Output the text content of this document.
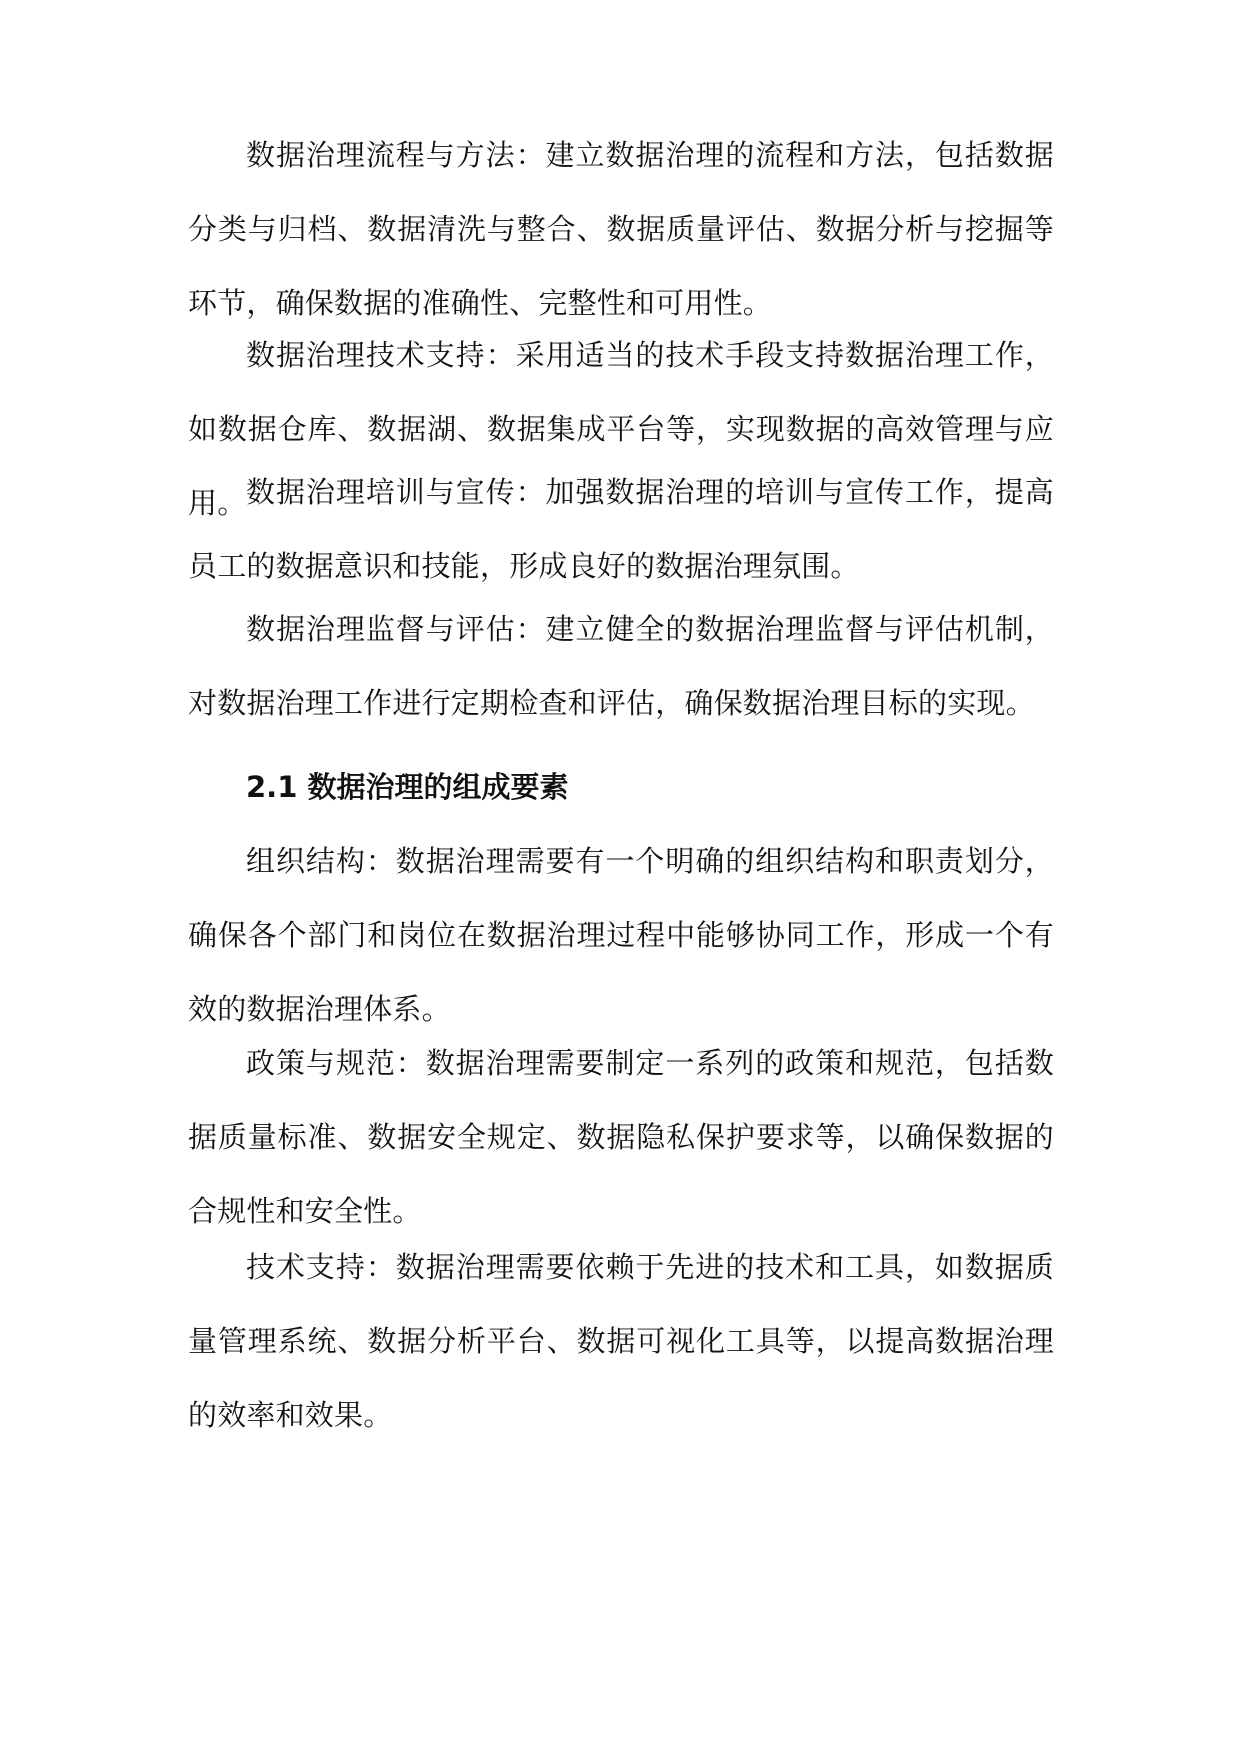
数据治理流程与方法：建立数据治理的流程和方法，包括数据分类与归档、数据清洗与整合、数据质量评估、数据分析与挖掘等环节，确保数据的准确性、完整性和可用性。

数据治理技术支持：采用适当的技术手段支持数据治理工作，如数据仓库、数据湖、数据集成平台等，实现数据的高效管理与应用。 数据治理培训与宣传：加强数据治理的培训与宣传工作，提高员工的数据意识和技能，形成良好的数据治理氛围。

数据治理监督与评估：建立健全的数据治理监督与评估机制，对数据治理工作进行定期检查和评估，确保数据治理目标的实现。

2.1 数据治理的组成要素

组织结构：数据治理需要有一个明确的组织结构和职责划分，确保各个部门和岗位在数据治理过程中能够协同工作，形成一个有效的数据治理体系。

政策与规范：数据治理需要制定一系列的政策和规范，包括数据质量标准、数据安全规定、数据隐私保护要求等，以确保数据的合规性和安全性。

技术支持：数据治理需要依赖于先进的技术和工具，如数据质量管理系统、数据分析平台、数据可视化工具等，以提高数据治理的效率和效果。
